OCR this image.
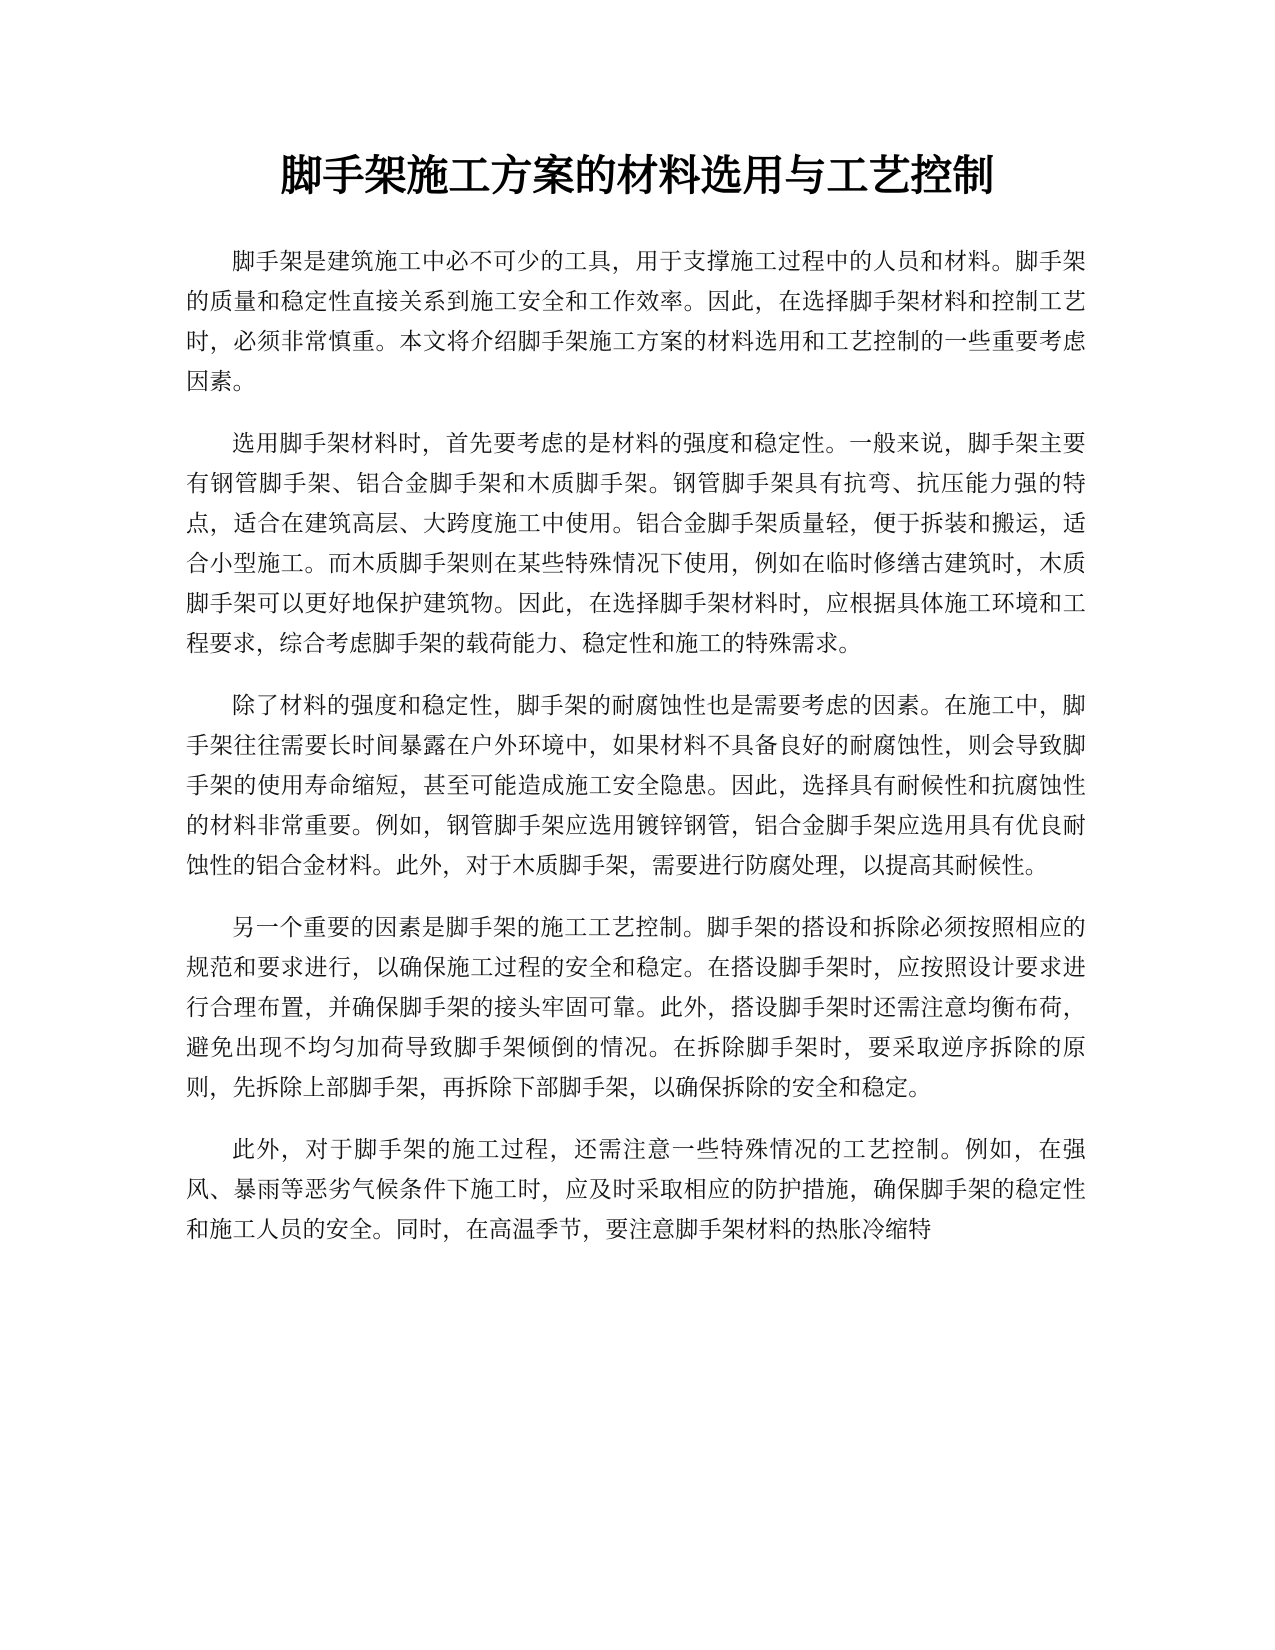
脚手架施工方案的材料选用与工艺控制

脚手架是建筑施工中必不可少的工具，用于支撑施工过程中的人员和材料。脚手架的质量和稳定性直接关系到施工安全和工作效率。因此，在选择脚手架材料和控制工艺时，必须非常慎重。本文将介绍脚手架施工方案的材料选用和工艺控制的一些重要考虑因素。

选用脚手架材料时，首先要考虑的是材料的强度和稳定性。一般来说，脚手架主要有钢管脚手架、铝合金脚手架和木质脚手架。钢管脚手架具有抗弯、抗压能力强的特点，适合在建筑高层、大跨度施工中使用。铝合金脚手架质量轻，便于拆装和搬运，适合小型施工。而木质脚手架则在某些特殊情况下使用，例如在临时修缮古建筑时，木质脚手架可以更好地保护建筑物。因此，在选择脚手架材料时，应根据具体施工环境和工程要求，综合考虑脚手架的载荷能力、稳定性和施工的特殊需求。

除了材料的强度和稳定性，脚手架的耐腐蚀性也是需要考虑的因素。在施工中，脚手架往往需要长时间暴露在户外环境中，如果材料不具备良好的耐腐蚀性，则会导致脚手架的使用寿命缩短，甚至可能造成施工安全隐患。因此，选择具有耐候性和抗腐蚀性的材料非常重要。例如，钢管脚手架应选用镀锌钢管，铝合金脚手架应选用具有优良耐蚀性的铝合金材料。此外，对于木质脚手架，需要进行防腐处理，以提高其耐候性。

另一个重要的因素是脚手架的施工工艺控制。脚手架的搭设和拆除必须按照相应的规范和要求进行，以确保施工过程的安全和稳定。在搭设脚手架时，应按照设计要求进行合理布置，并确保脚手架的接头牢固可靠。此外，搭设脚手架时还需注意均衡布荷，避免出现不均匀加荷导致脚手架倾倒的情况。在拆除脚手架时，要采取逆序拆除的原则，先拆除上部脚手架，再拆除下部脚手架，以确保拆除的安全和稳定。

此外，对于脚手架的施工过程，还需注意一些特殊情况的工艺控制。例如，在强风、暴雨等恶劣气候条件下施工时，应及时采取相应的防护措施，确保脚手架的稳定性和施工人员的安全。同时，在高温季节，要注意脚手架材料的热胀冷缩特
